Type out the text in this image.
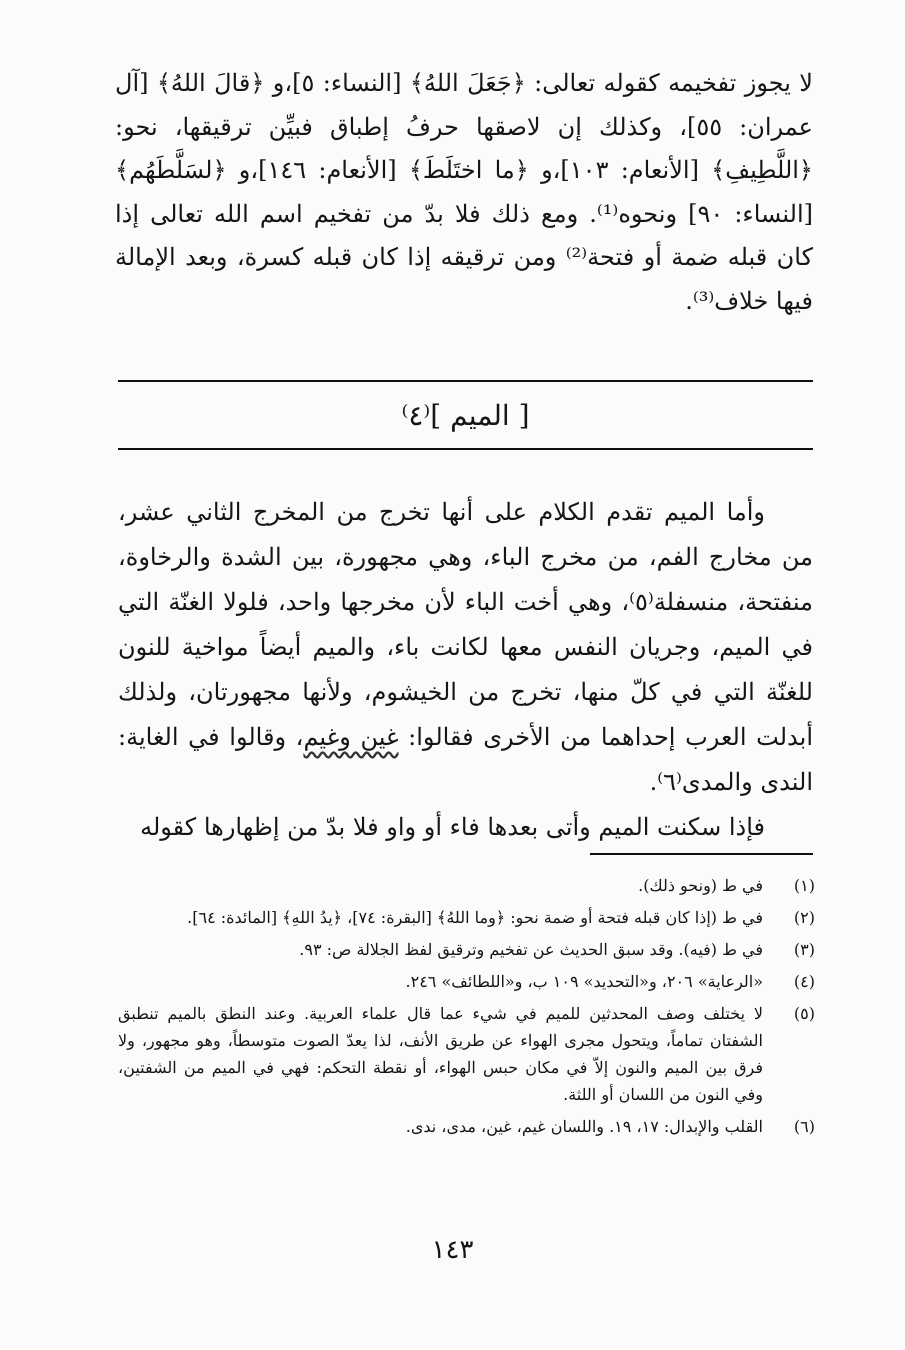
لا يجوز تفخيمه كقوله تعالى: ﴿جَعَلَ اللهُ﴾ [النساء: ٥]،و ﴿قالَ اللهُ﴾ [آل عمران: ٥٥]، وكذلك إن لاصقها حرفُ إطباق فبيِّن ترقيقها، نحو: ﴿اللَّطِيفِ﴾ [الأنعام: ١٠٣]،و ﴿ما اختَلَطَ﴾ [الأنعام: ١٤٦]،و ﴿لسَلَّطَهُم﴾ [النساء: ٩٠] ونحوه⁽¹⁾. ومع ذلك فلا بدّ من تفخيم اسم الله تعالى إذا كان قبله ضمة أو فتحة⁽²⁾ ومن ترقيقه إذا كان قبله كسرة، وبعد الإمالة فيها خلاف⁽³⁾.

[ الميم ]⁽٤⁾

وأما الميم تقدم الكلام على أنها تخرج من المخرج الثاني عشر، من مخارج الفم، من مخرج الباء، وهي مجهورة، بين الشدة والرخاوة، منفتحة، منسفلة⁽٥⁾، وهي أخت الباء لأن مخرجها واحد، فلولا الغنّة التي في الميم، وجريان النفس معها لكانت باء، والميم أيضاً مواخية للنون للغنّة التي في كلّ منها، تخرج من الخيشوم، ولأنها مجهورتان، ولذلك أبدلت العرب إحداهما من الأخرى فقالوا: غين وغيم، وقالوا في الغاية: الندى والمدى⁽٦⁾.

فإذا سكنت الميم وأتى بعدها فاء أو واو فلا بدّ من إظهارها كقوله

(١)
في ط (ونحو ذلك).
(٢)
في ط (إذا كان قبله فتحة أو ضمة نحو: ﴿وما اللهُ﴾ [البقرة: ٧٤]، ﴿يدُ اللهِ﴾ [المائدة: ٦٤].
(٣)
في ط (فيه). وقد سبق الحديث عن تفخيم وترقيق لفظ الجلالة ص: ٩٣.
(٤)
«الرعاية» ٢٠٦، و«التحديد» ١٠٩ ب، و«اللطائف» ٢٤٦.
(٥)
لا يختلف وصف المحدثين للميم في شيء عما قال علماء العربية. وعند النطق بالميم تنطبق الشفتان تماماً، ويتحول مجرى الهواء عن طريق الأنف، لذا يعدّ الصوت متوسطاً، وهو مجهور، ولا فرق بين الميم والنون إلاّ في مكان حبس الهواء، أو نقطة التحكم: فهي في الميم من الشفتين، وفي النون من اللسان أو اللثة.
(٦)
القلب والإبدال: ١٧، ١٩. واللسان غيم، غين، مدى، ندى.
١٤٣
